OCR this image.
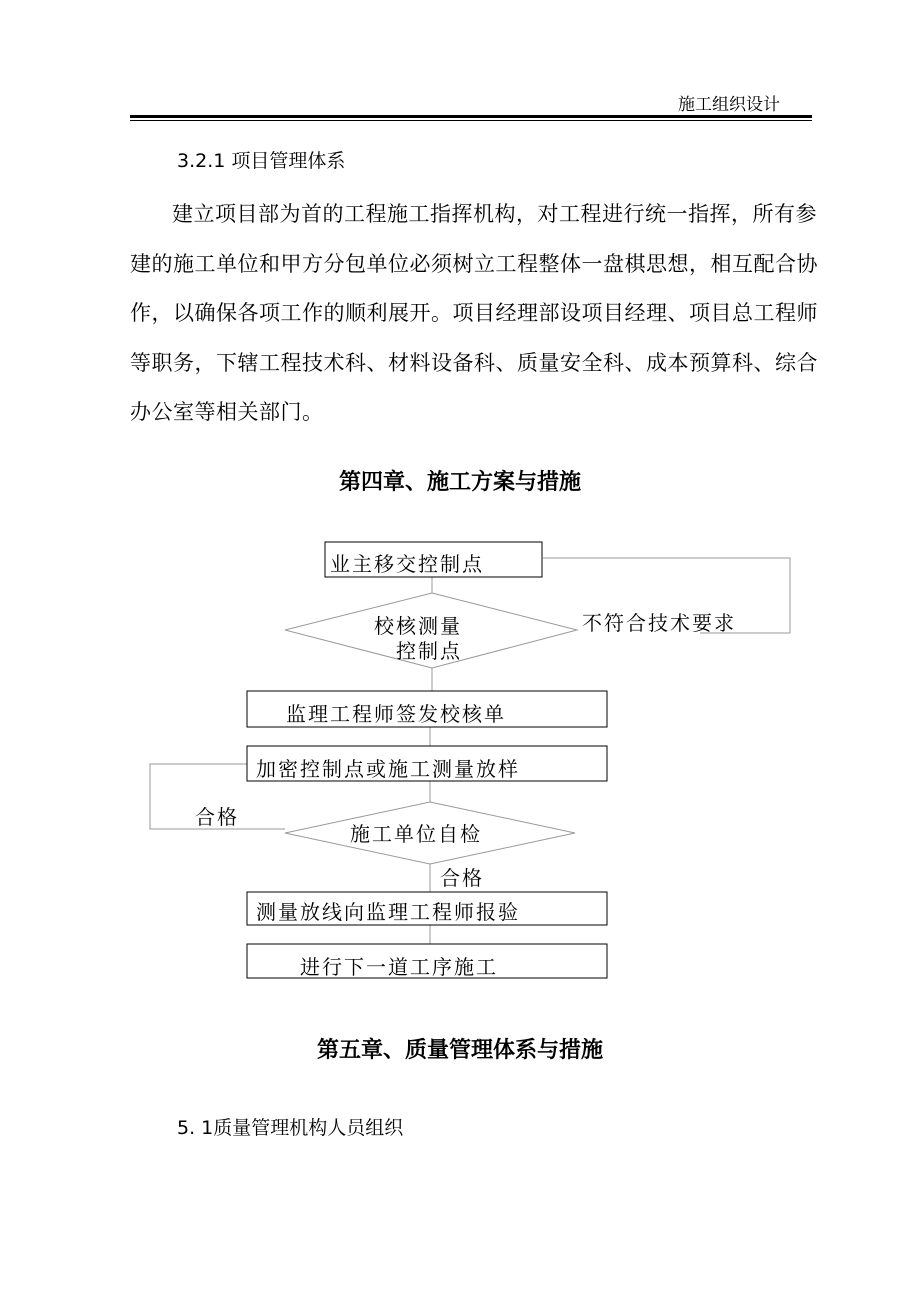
施工组织设计
3.2.1 项目管理体系
建立项目部为首的工程施工指挥机构，对工程进行统一指挥，所有参建的施工单位和甲方分包单位必须树立工程整体一盘棋思想，相互配合协作，以确保各项工作的顺利展开。项目经理部设项目经理、项目总工程师等职务，下辖工程技术科、材料设备科、质量安全科、成本预算科、综合办公室等相关部门。
第四章、施工方案与措施
业主移交控制点
校核测量
控制点
不符合技术要求
监理工程师签发校核单
加密控制点或施工测量放样
合格
施工单位自检
合格
测量放线向监理工程师报验
进行下一道工序施工
第五章、质量管理体系与措施
5. 1质量管理机构人员组织
